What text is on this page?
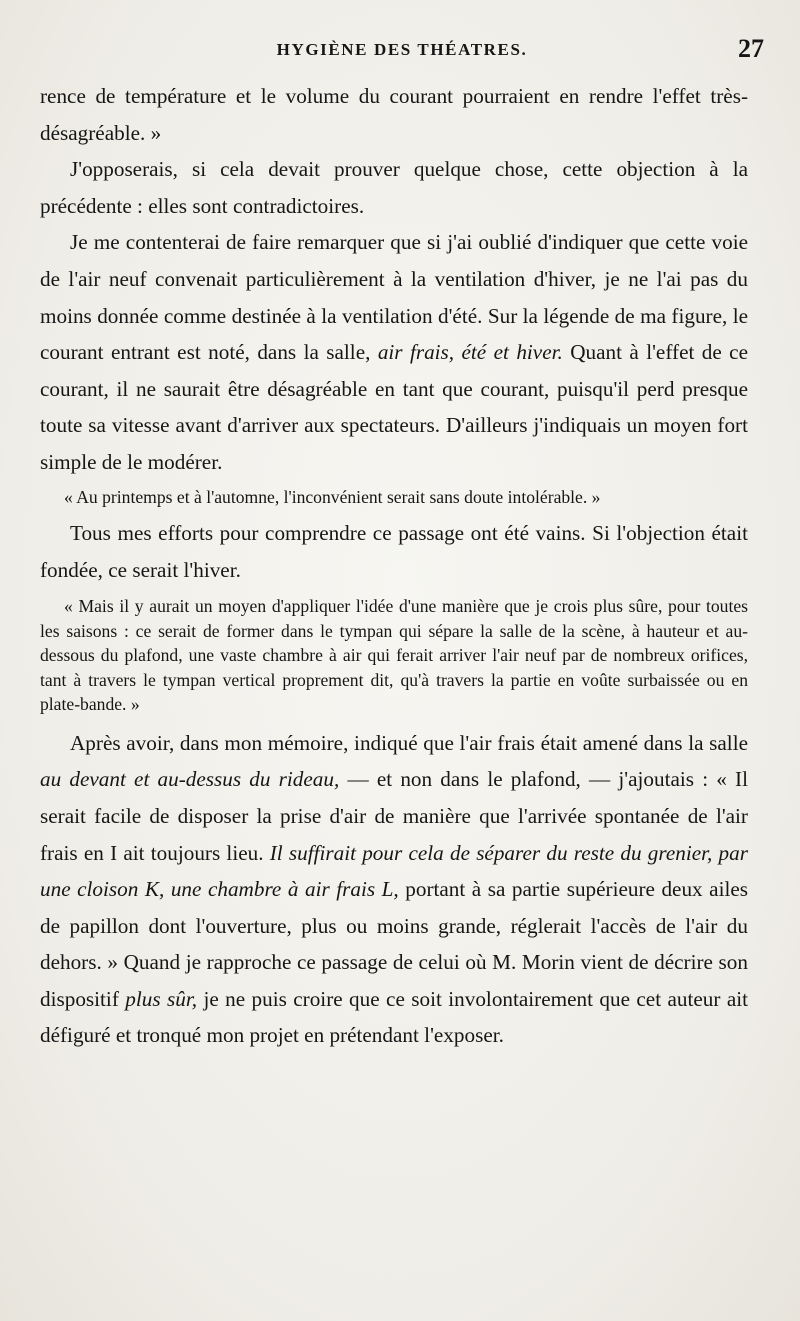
HYGIÈNE DES THÉATRES.	27

rence de température et le volume du courant pourraient en rendre l'effet très-désagréable. »

J'opposerais, si cela devait prouver quelque chose, cette objection à la précédente : elles sont contradictoires.

Je me contenterai de faire remarquer que si j'ai oublié d'indiquer que cette voie de l'air neuf convenait particulièrement à la ventilation d'hiver, je ne l'ai pas du moins donnée comme destinée à la ventilation d'été. Sur la légende de ma figure, le courant entrant est noté, dans la salle, air frais, été et hiver. Quant à l'effet de ce courant, il ne saurait être désagréable en tant que courant, puisqu'il perd presque toute sa vitesse avant d'arriver aux spectateurs. D'ailleurs j'indiquais un moyen fort simple de le modérer.

« Au printemps et à l'automne, l'inconvénient serait sans doute intolérable. »

Tous mes efforts pour comprendre ce passage ont été vains. Si l'objection était fondée, ce serait l'hiver.

« Mais il y aurait un moyen d'appliquer l'idée d'une manière que je crois plus sûre, pour toutes les saisons : ce serait de former dans le tympan qui sépare la salle de la scène, à hauteur et au-dessous du plafond, une vaste chambre à air qui ferait arriver l'air neuf par de nombreux orifices, tant à travers le tympan vertical proprement dit, qu'à travers la partie en voûte surbaissée ou en plate-bande. »

Après avoir, dans mon mémoire, indiqué que l'air frais était amené dans la salle au devant et au-dessus du rideau, — et non dans le plafond, — j'ajoutais : « Il serait facile de disposer la prise d'air de manière que l'arrivée spontanée de l'air frais en I ait toujours lieu. Il suffirait pour cela de séparer du reste du grenier, par une cloison K, une chambre à air frais L, portant à sa partie supérieure deux ailes de papillon dont l'ouverture, plus ou moins grande, réglerait l'accès de l'air du dehors. » Quand je rapproche ce passage de celui où M. Morin vient de décrire son dispositif plus sûr, je ne puis croire que ce soit involontairement que cet auteur ait défiguré et tronqué mon projet en prétendant l'exposer.
